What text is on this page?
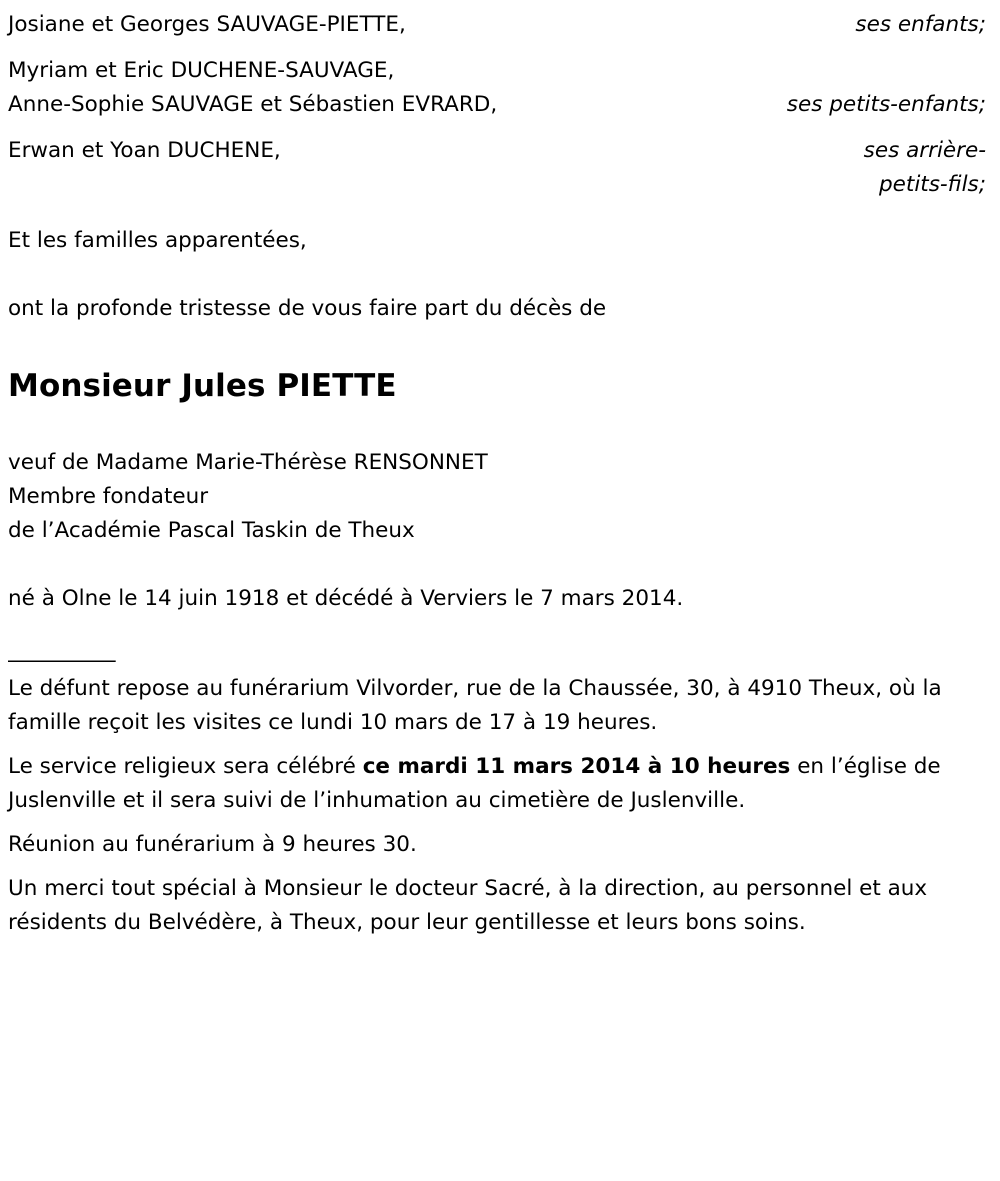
Josiane et Georges SAUVAGE-PIETTE,	ses enfants;
Myriam et Eric DUCHENE-SAUVAGE,
Anne-Sophie SAUVAGE et Sébastien EVRARD,	ses petits-enfants;
Erwan et Yoan DUCHENE,	ses arrière-
petits-fils;
Et les familles apparentées,
ont la profonde tristesse de vous faire part du décès de
Monsieur Jules PIETTE
veuf de Madame Marie-Thérèse RENSONNET
Membre fondateur
de l’Académie Pascal Taskin de Theux
né à Olne le 14 juin 1918 et décédé à Verviers le 7 mars 2014.
__________
Le défunt repose au funérarium Vilvorder, rue de la Chaussée, 30, à 4910 Theux, où la famille reçoit les visites ce lundi 10 mars de 17 à 19 heures.
Le service religieux sera célébré ce mardi 11 mars 2014 à 10 heures en l’église de Juslenville et il sera suivi de l’inhumation au cimetière de Juslenville.
Réunion au funérarium à 9 heures 30.
Un merci tout spécial à Monsieur le docteur Sacré, à la direction, au personnel et aux résidents du Belvédère, à Theux, pour leur gentillesse et leurs bons soins.
